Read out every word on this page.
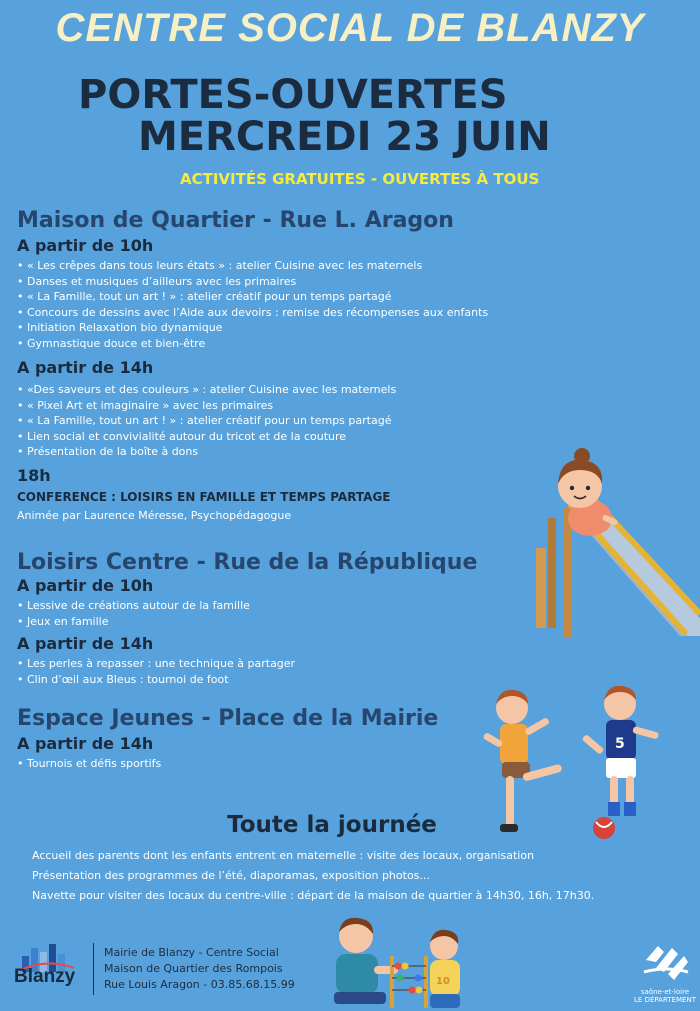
CENTRE SOCIAL DE BLANZY
PORTES-OUVERTES
MERCREDI 23 JUIN
ACTIVITÉS GRATUITES - OUVERTES À TOUS
Maison de Quartier - Rue L. Aragon
A partir de 10h
• « Les crêpes dans tous leurs états » : atelier Cuisine avec les maternels
• Danses et musiques d’ailleurs avec les primaires
• « La Famille, tout un art ! » : atelier créatif pour un temps partagé
• Concours de dessins avec l’Aide aux devoirs : remise des récompenses aux enfants
• Initiation Relaxation bio dynamique
• Gymnastique douce et bien-être
A partir de 14h
• «Des saveurs et des couleurs » : atelier Cuisine avec les maternels
• « Pixel Art et imaginaire » avec les primaires
• « La Famille, tout un art ! » : atelier créatif pour un temps partagé
• Lien social et convivialité autour du tricot et de la couture
• Présentation de la boîte à dons
18h
CONFERENCE : LOISIRS EN FAMILLE ET TEMPS PARTAGE
Animée par Laurence Méresse, Psychopédagogue
Loisirs Centre - Rue de la République
A partir de 10h
• Lessive de créations autour de la famille
• Jeux en famille
A partir de 14h
• Les perles à repasser : une technique à partager
• Clin d’œil aux Bleus : tournoi de foot
Espace Jeunes - Place de la Mairie
A partir de 14h
• Tournois et défis sportifs
Toute la journée
Accueil des parents dont les enfants entrent en maternelle : visite des locaux, organisation
Présentation des programmes de l’été, diaporamas, exposition photos...
Navette pour visiter des locaux du centre-ville : départ de la maison de quartier à 14h30, 16h, 17h30.
5
10
Blanzy
Mairie de Blanzy - Centre Social
Maison de Quartier des Rompois
Rue Louis Aragon - 03.85.68.15.99
saône-et-loire
LE DÉPARTEMENT
